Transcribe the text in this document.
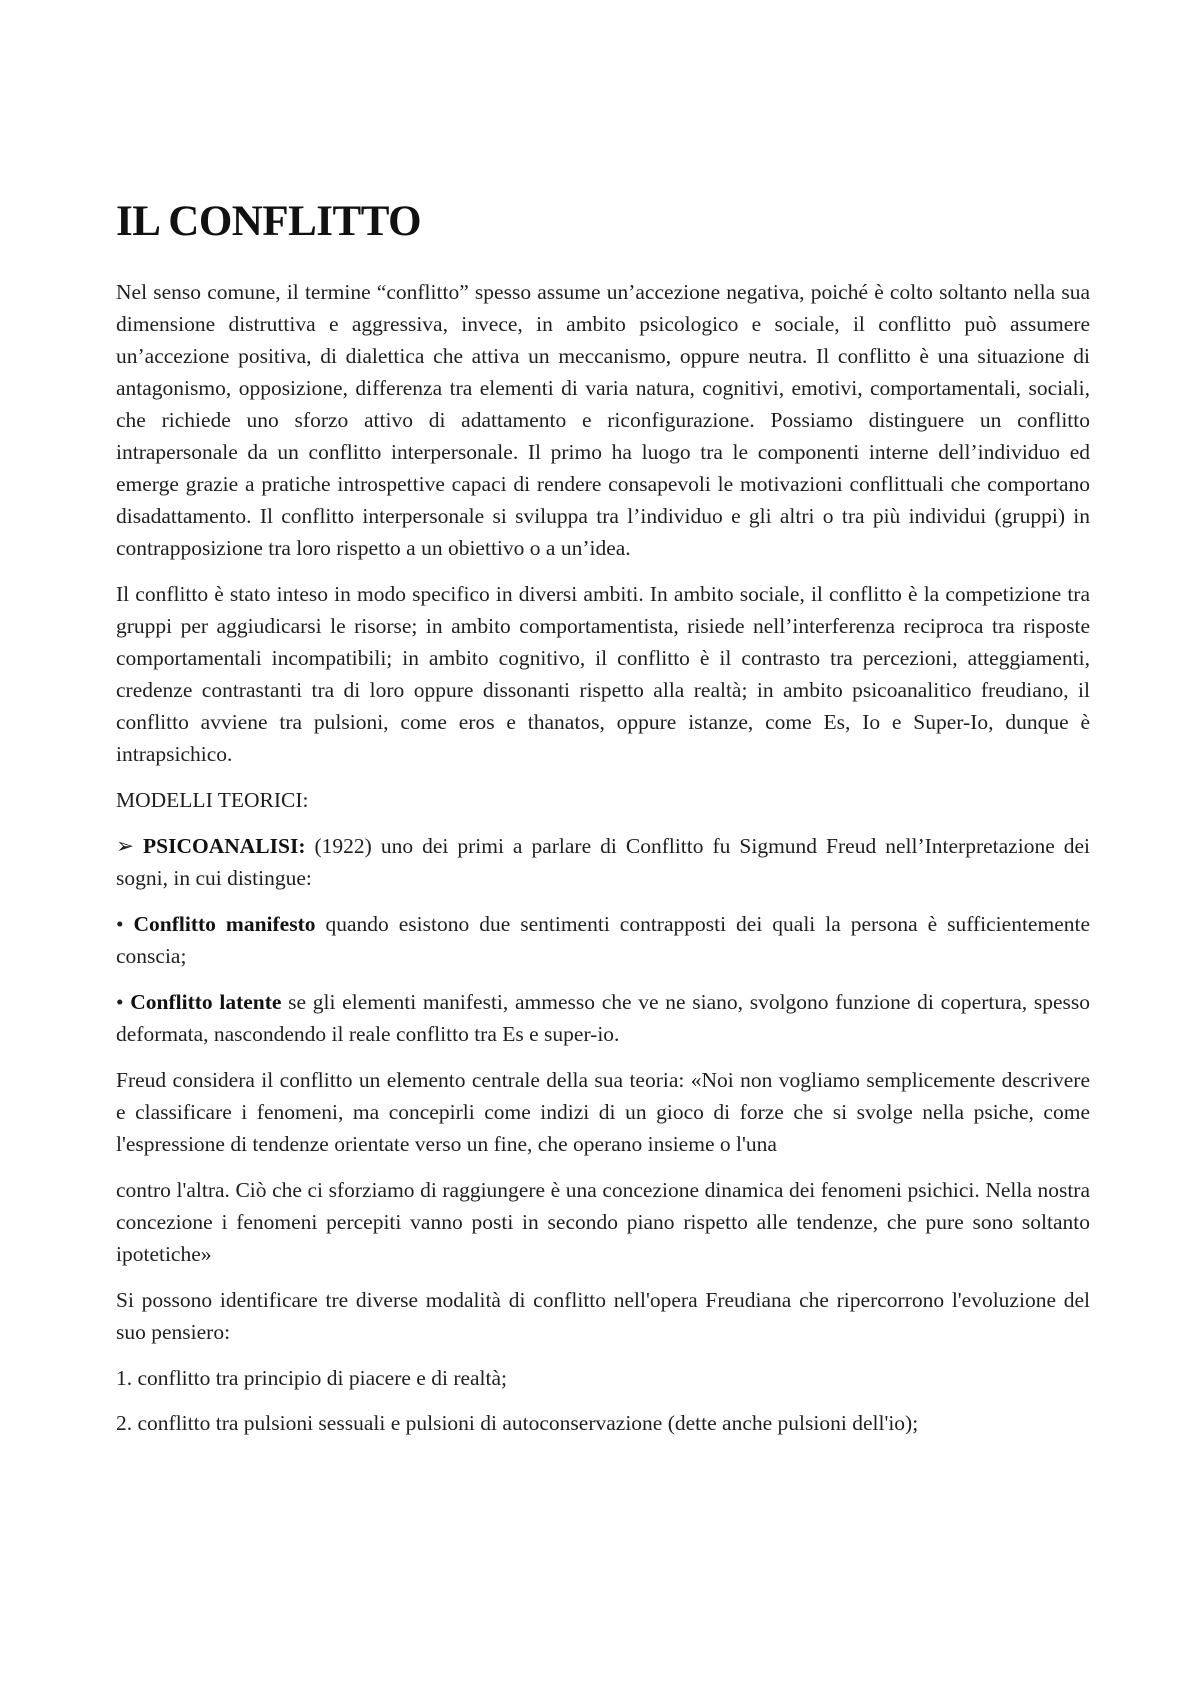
IL CONFLITTO

Nel senso comune, il termine “conflitto” spesso assume un’accezione negativa, poiché è colto soltanto nella sua dimensione distruttiva e aggressiva, invece, in ambito psicologico e sociale, il conflitto può assumere un’accezione positiva, di dialettica che attiva un meccanismo, oppure neutra. Il conflitto è una situazione di antagonismo, opposizione, differenza tra elementi di varia natura, cognitivi, emotivi, comportamentali, sociali, che richiede uno sforzo attivo di adattamento e riconfigurazione. Possiamo distinguere un conflitto intrapersonale da un conflitto interpersonale. Il primo ha luogo tra le componenti interne dell’individuo ed emerge grazie a pratiche introspettive capaci di rendere consapevoli le motivazioni conflittuali che comportano disadattamento. Il conflitto interpersonale si sviluppa tra l’individuo e gli altri o tra più individui (gruppi) in contrapposizione tra loro rispetto a un obiettivo o a un’idea.

Il conflitto è stato inteso in modo specifico in diversi ambiti. In ambito sociale, il conflitto è la competizione tra gruppi per aggiudicarsi le risorse; in ambito comportamentista, risiede nell’interferenza reciproca tra risposte comportamentali incompatibili; in ambito cognitivo, il conflitto è il contrasto tra percezioni, atteggiamenti, credenze contrastanti tra di loro oppure dissonanti rispetto alla realtà; in ambito psicoanalitico freudiano, il conflitto avviene tra pulsioni, come eros e thanatos, oppure istanze, come Es, Io e Super-Io, dunque è intrapsichico.

MODELLI TEORICI:

➢ PSICOANALISI: (1922) uno dei primi a parlare di Conflitto fu Sigmund Freud nell’Interpretazione dei sogni, in cui distingue:

• Conflitto manifesto quando esistono due sentimenti contrapposti dei quali la persona è sufficientemente conscia;

• Conflitto latente se gli elementi manifesti, ammesso che ve ne siano, svolgono funzione di copertura, spesso deformata, nascondendo il reale conflitto tra Es e super-io.

Freud considera il conflitto un elemento centrale della sua teoria: «Noi non vogliamo semplicemente descrivere e classificare i fenomeni, ma concepirli come indizi di un gioco di forze che si svolge nella psiche, come l'espressione di tendenze orientate verso un fine, che operano insieme o l'una

contro l'altra. Ciò che ci sforziamo di raggiungere è una concezione dinamica dei fenomeni psichici. Nella nostra concezione i fenomeni percepiti vanno posti in secondo piano rispetto alle tendenze, che pure sono soltanto ipotetiche»

Si possono identificare tre diverse modalità di conflitto nell'opera Freudiana che ripercorrono l'evoluzione del suo pensiero:

1. conflitto tra principio di piacere e di realtà;

2. conflitto tra pulsioni sessuali e pulsioni di autoconservazione (dette anche pulsioni dell'io);
